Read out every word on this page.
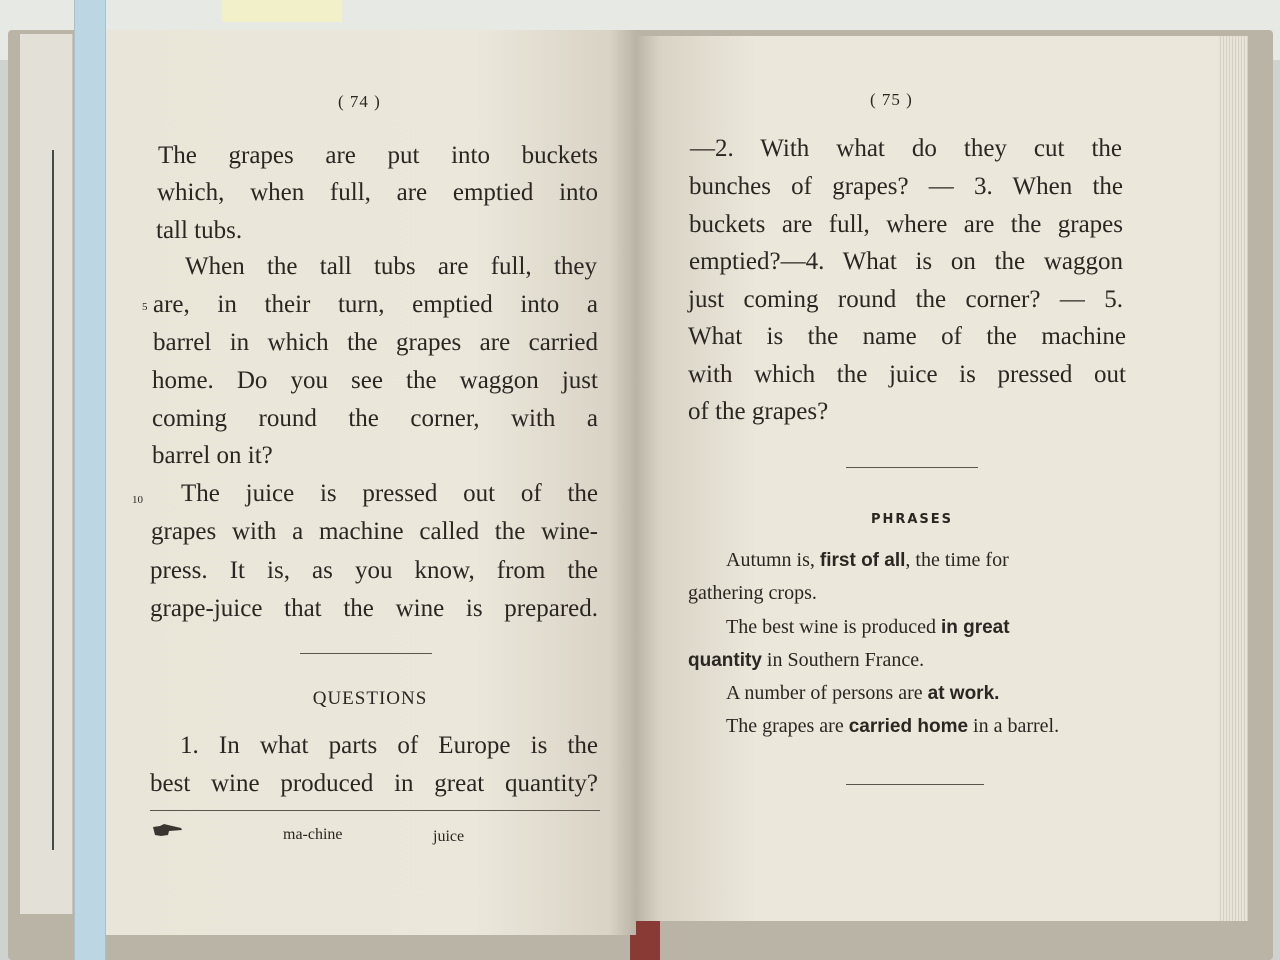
( 74 )
The grapes are put into buckets
which, when full, are emptied into
tall tubs.
When the tall tubs are full, they
5 are, in their turn, emptied into a
barrel in which the grapes are carried
home. Do you see the waggon just
coming round the corner, with a
barrel on it?
10 The juice is pressed out of the
grapes with a machine called the wine-
press. It is, as you know, from the
grape-juice that the wine is prepared.
QUESTIONS
1. In what parts of Europe is the
best wine produced in great quantity?
ma-chine	juice
( 75 )
—2. With what do they cut the
bunches of grapes? — 3. When the
buckets are full, where are the grapes
emptied?—4. What is on the waggon
just coming round the corner? — 5.
What is the name of the machine
with which the juice is pressed out
of the grapes?
PHRASES
Autumn is, first of all, the time for
gathering crops.
The best wine is produced in great
quantity in Southern France.
A number of persons are at work.
The grapes are carried home in a barrel.
